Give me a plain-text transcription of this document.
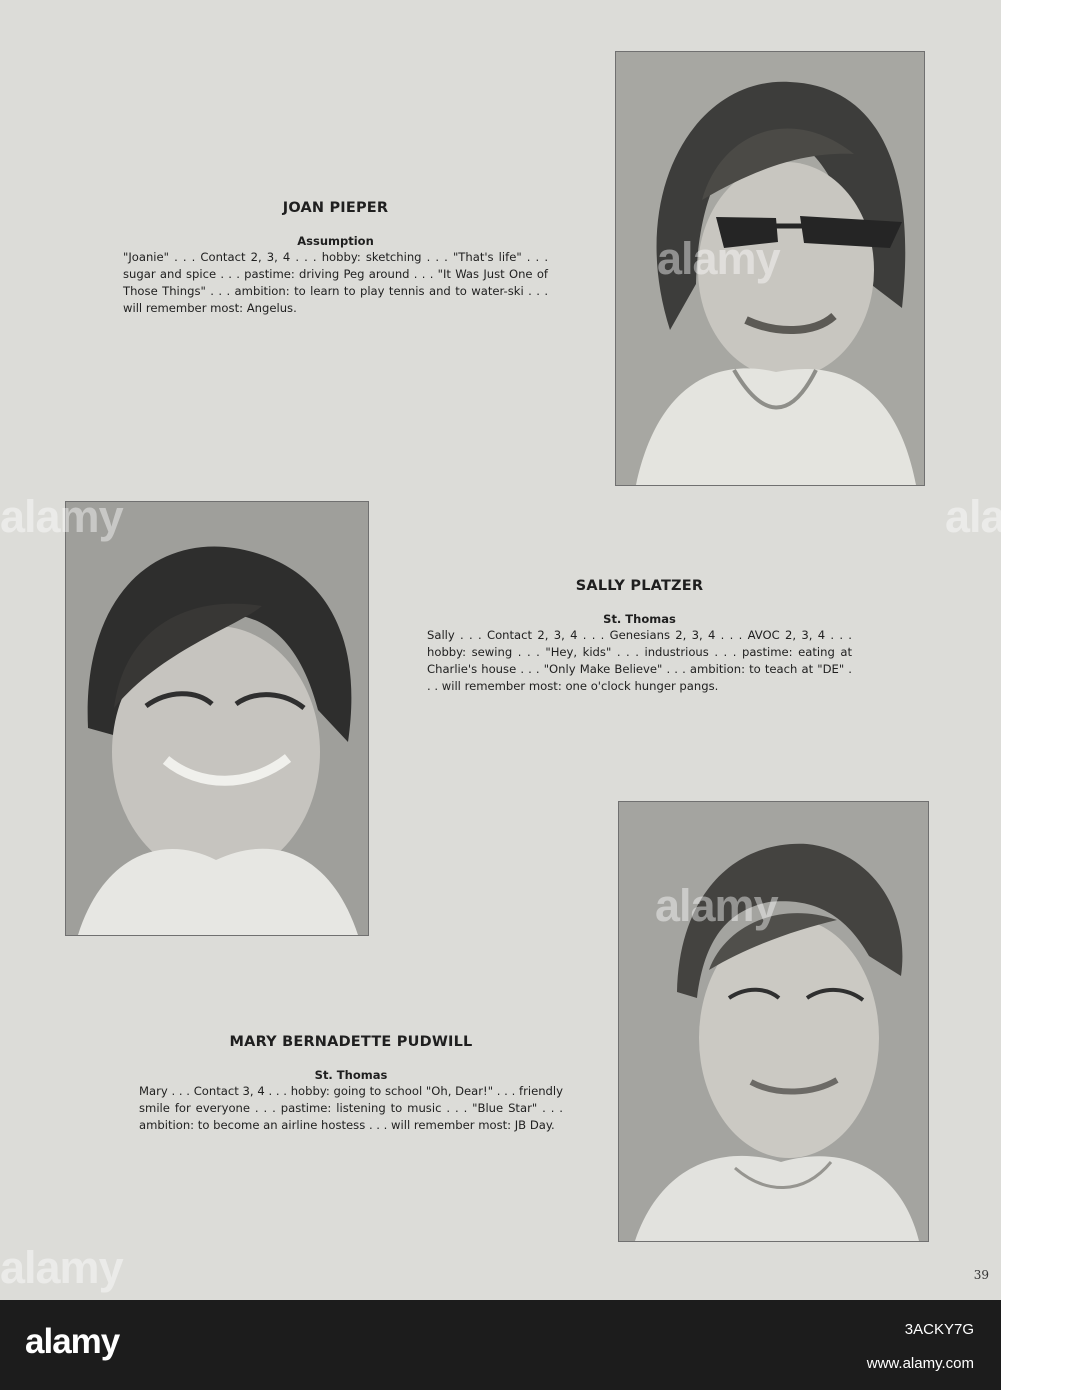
JOAN PIEPER
Assumption
"Joanie" . . . Contact 2, 3, 4 . . . hobby: sketching . . . "That's life" . . . sugar and spice . . . pastime: driving Peg around . . . "It Was Just One of Those Things" . . . ambition: to learn to play tennis and to water-ski . . . will remember most: Angelus.
SALLY PLATZER
St. Thomas
Sally . . . Contact 2, 3, 4 . . . Genesians 2, 3, 4 . . . AVOC 2, 3, 4 . . . hobby: sewing . . . "Hey, kids" . . . industrious . . . pastime: eating at Charlie's house . . . "Only Make Believe" . . . ambition: to teach at "DE" . . . will remember most: one o'clock hunger pangs.
MARY BERNADETTE PUDWILL
St. Thomas
Mary . . . Contact 3, 4 . . . hobby: going to school "Oh, Dear!" . . . friendly smile for everyone . . . pastime: listening to music . . . "Blue Star" . . . ambition: to become an airline hostess . . . will remember most: JB Day.
39
alamy
alamy
alamy
alamy
alamy
alamy	3ACKY7G
www.alamy.com
